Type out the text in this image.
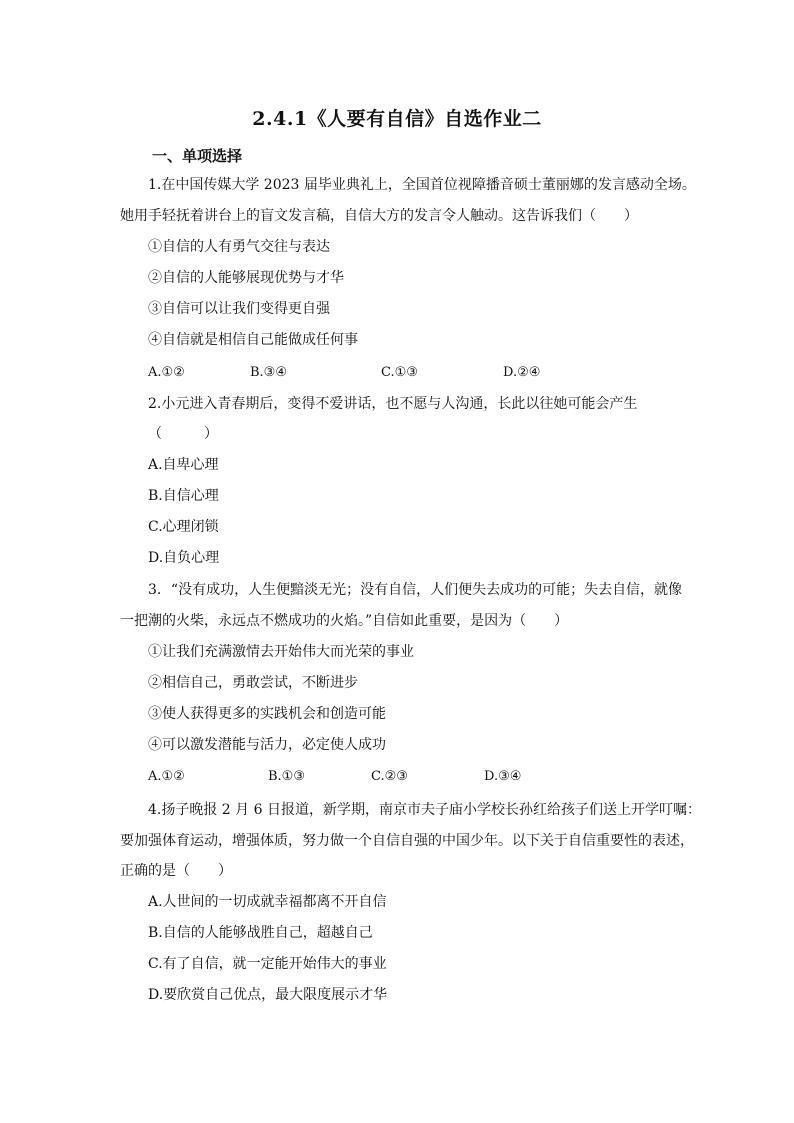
2.4.1《人要有自信》自选作业二
一、单项选择
1.在中国传媒大学 2023 届毕业典礼上，全国首位视障播音硕士董丽娜的发言感动全场。
她用手轻抚着讲台上的盲文发言稿，自信大方的发言令人触动。这告诉我们（　　）
①自信的人有勇气交往与表达
②自信的人能够展现优势与才华
③自信可以让我们变得更自强
④自信就是相信自己能做成任何事
A.①②	B.③④	C.①③	D.②④
2.小元进入青春期后，变得不爱讲话，也不愿与人沟通，长此以往她可能会产生
（　　　）
A.自卑心理
B.自信心理
C.心理闭锁
D.自负心理
3．“没有成功，人生便黯淡无光；没有自信，人们便失去成功的可能；失去自信，就像
一把潮的火柴，永远点不燃成功的火焰。”自信如此重要，是因为（　　）
①让我们充满激情去开始伟大而光荣的事业
②相信自己，勇敢尝试，不断进步
③使人获得更多的实践机会和创造可能
④可以激发潜能与活力，必定使人成功
A.①②	B.①③	C.②③	D.③④
4.扬子晚报 2 月 6 日报道，新学期，南京市夫子庙小学校长孙红给孩子们送上开学叮嘱：
要加强体育运动，增强体质，努力做一个自信自强的中国少年。以下关于自信重要性的表述，
正确的是（　　）
A.人世间的一切成就幸福都离不开自信
B.自信的人能够战胜自己，超越自己
C.有了自信，就一定能开始伟大的事业
D.要欣赏自己优点，最大限度展示才华
